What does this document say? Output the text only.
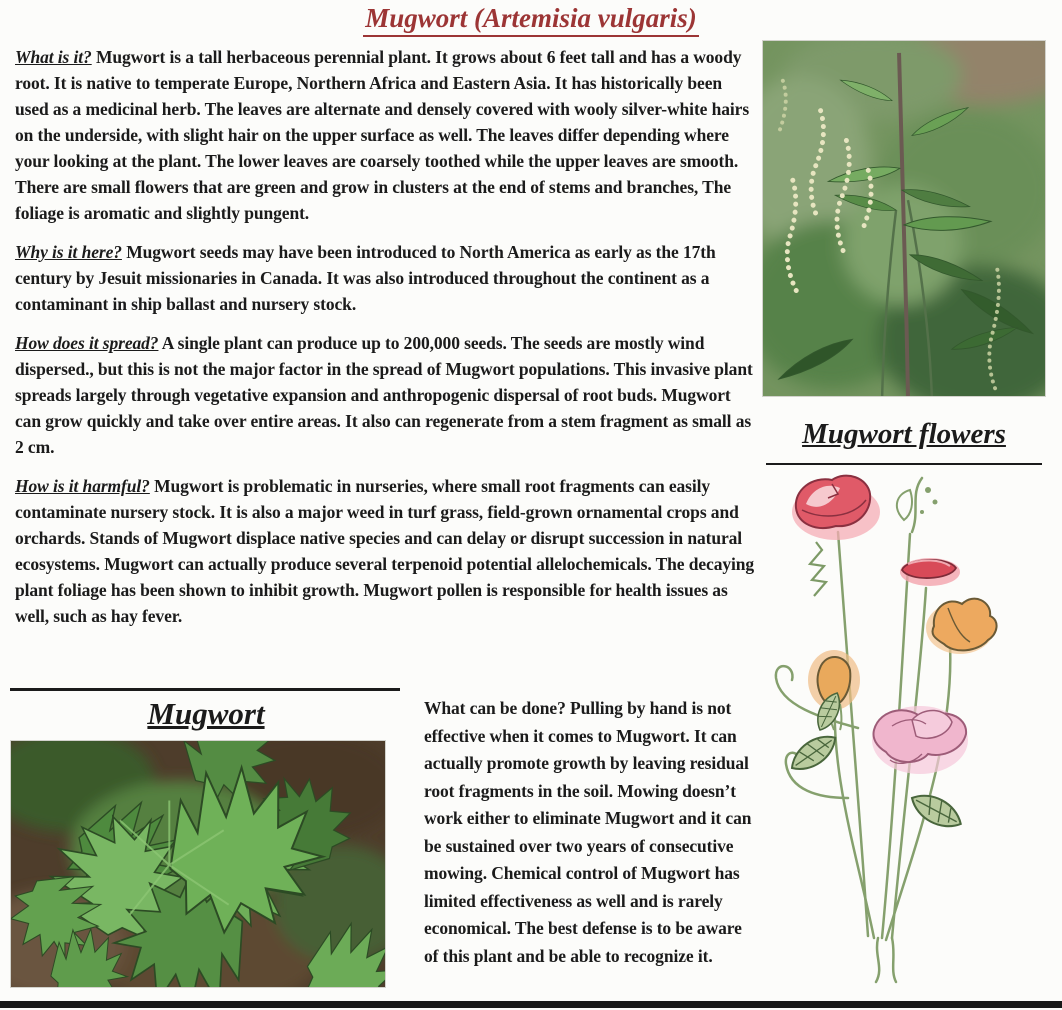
Mugwort (Artemisia vulgaris)

What is it? Mugwort is a tall herbaceous perennial plant. It grows about 6 feet tall and has a woody root. It is native to temperate Europe, Northern Africa and Eastern Asia. It has historically been used as a medicinal herb. The leaves are alternate and densely covered with wooly silver-white hairs on the underside, with slight hair on the upper surface as well. The leaves differ depending where your looking at the plant. The lower leaves are coarsely toothed while the upper leaves are smooth. There are small flowers that are green and grow in clusters at the end of stems and branches, The foliage is aromatic and slightly pungent.

Why is it here? Mugwort seeds may have been introduced to North America as early as the 17th century by Jesuit missionaries in Canada. It was also introduced throughout the continent as a contaminant in ship ballast and nursery stock.

How does it spread? A single plant can produce up to 200,000 seeds. The seeds are mostly wind dispersed., but this is not the major factor in the spread of Mugwort populations. This invasive plant spreads largely through vegetative expansion and anthropogenic dispersal of root buds. Mugwort can grow quickly and take over entire areas. It also can regenerate from a stem fragment as small as 2 cm.

How is it harmful? Mugwort is problematic in nurseries, where small root fragments can easily contaminate nursery stock. It is also a major weed in turf grass, field-grown ornamental crops and orchards. Stands of Mugwort displace native species and can delay or disrupt succession in natural ecosystems. Mugwort can actually produce several terpenoid potential allelochemicals. The decaying plant foliage has been shown to inhibit growth. Mugwort pollen is responsible for health issues as well, such as hay fever.

Mugwort	What can be done? Pulling by hand is not effective when it comes to Mugwort. It can actually promote growth by leaving residual root fragments in the soil. Mowing doesn’t work either to eliminate Mugwort and it can be sustained over two years of consecutive mowing. Chemical control of Mugwort has limited effectiveness as well and is rarely economical. The best defense is to be aware of this plant and be able to recognize it.
Mugwort flowers
